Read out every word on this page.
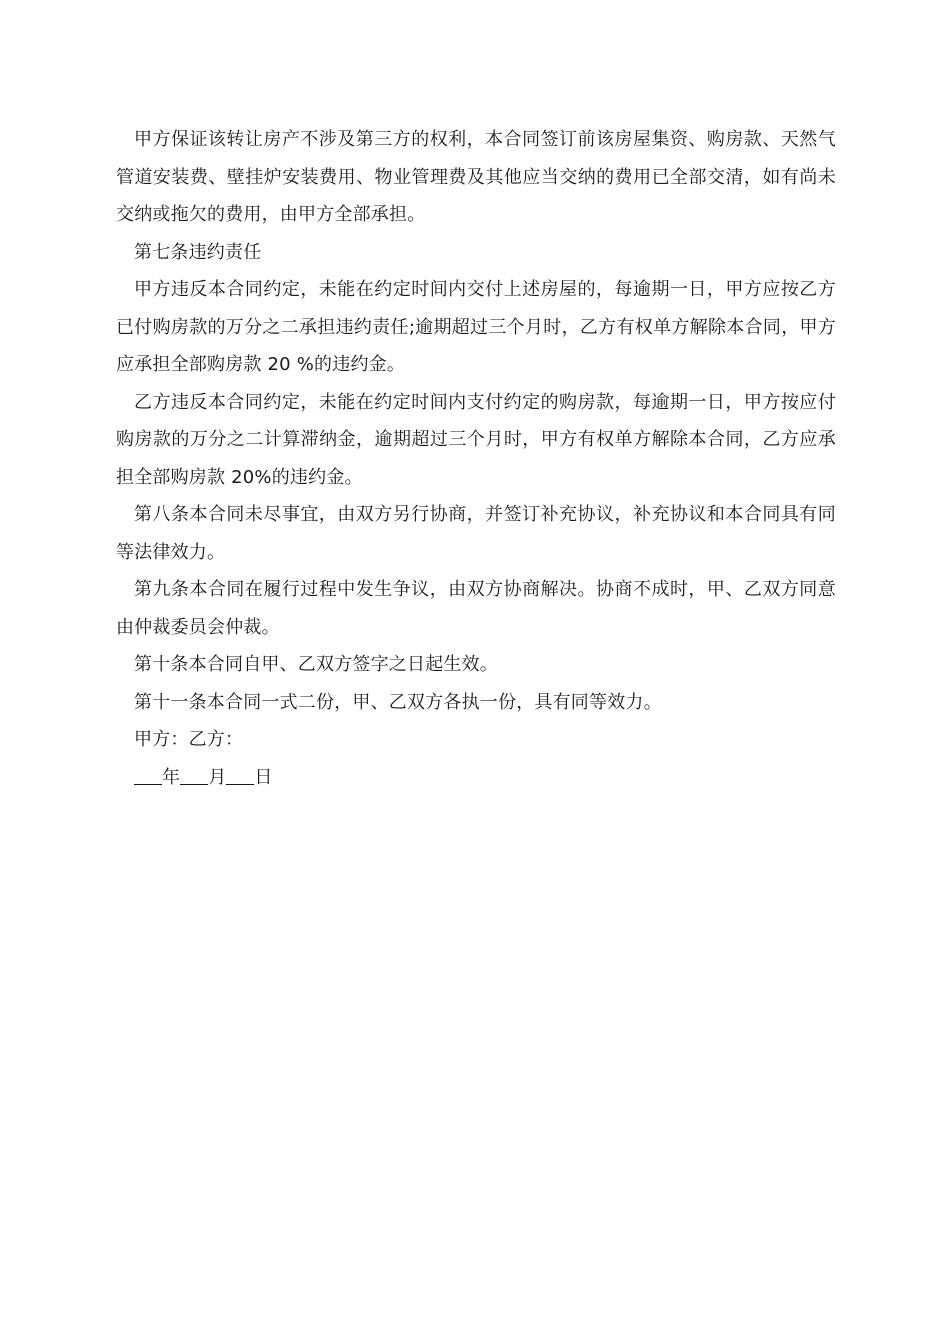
甲方保证该转让房产不涉及第三方的权利，本合同签订前该房屋集资、购房款、天然气管道安装费、壁挂炉安装费用、物业管理费及其他应当交纳的费用已全部交清，如有尚未交纳或拖欠的费用，由甲方全部承担。

第七条违约责任

甲方违反本合同约定，未能在约定时间内交付上述房屋的，每逾期一日，甲方应按乙方已付购房款的万分之二承担违约责任;逾期超过三个月时，乙方有权单方解除本合同，甲方应承担全部购房款 20 %的违约金。

乙方违反本合同约定，未能在约定时间内支付约定的购房款，每逾期一日，甲方按应付购房款的万分之二计算滞纳金，逾期超过三个月时，甲方有权单方解除本合同，乙方应承担全部购房款 20%的违约金。

第八条本合同未尽事宜，由双方另行协商，并签订补充协议，补充协议和本合同具有同等法律效力。

第九条本合同在履行过程中发生争议，由双方协商解决。协商不成时，甲、乙双方同意由仲裁委员会仲裁。

第十条本合同自甲、乙双方签字之日起生效。

第十一条本合同一式二份，甲、乙双方各执一份，具有同等效力。

甲方：乙方：

年 月 日
